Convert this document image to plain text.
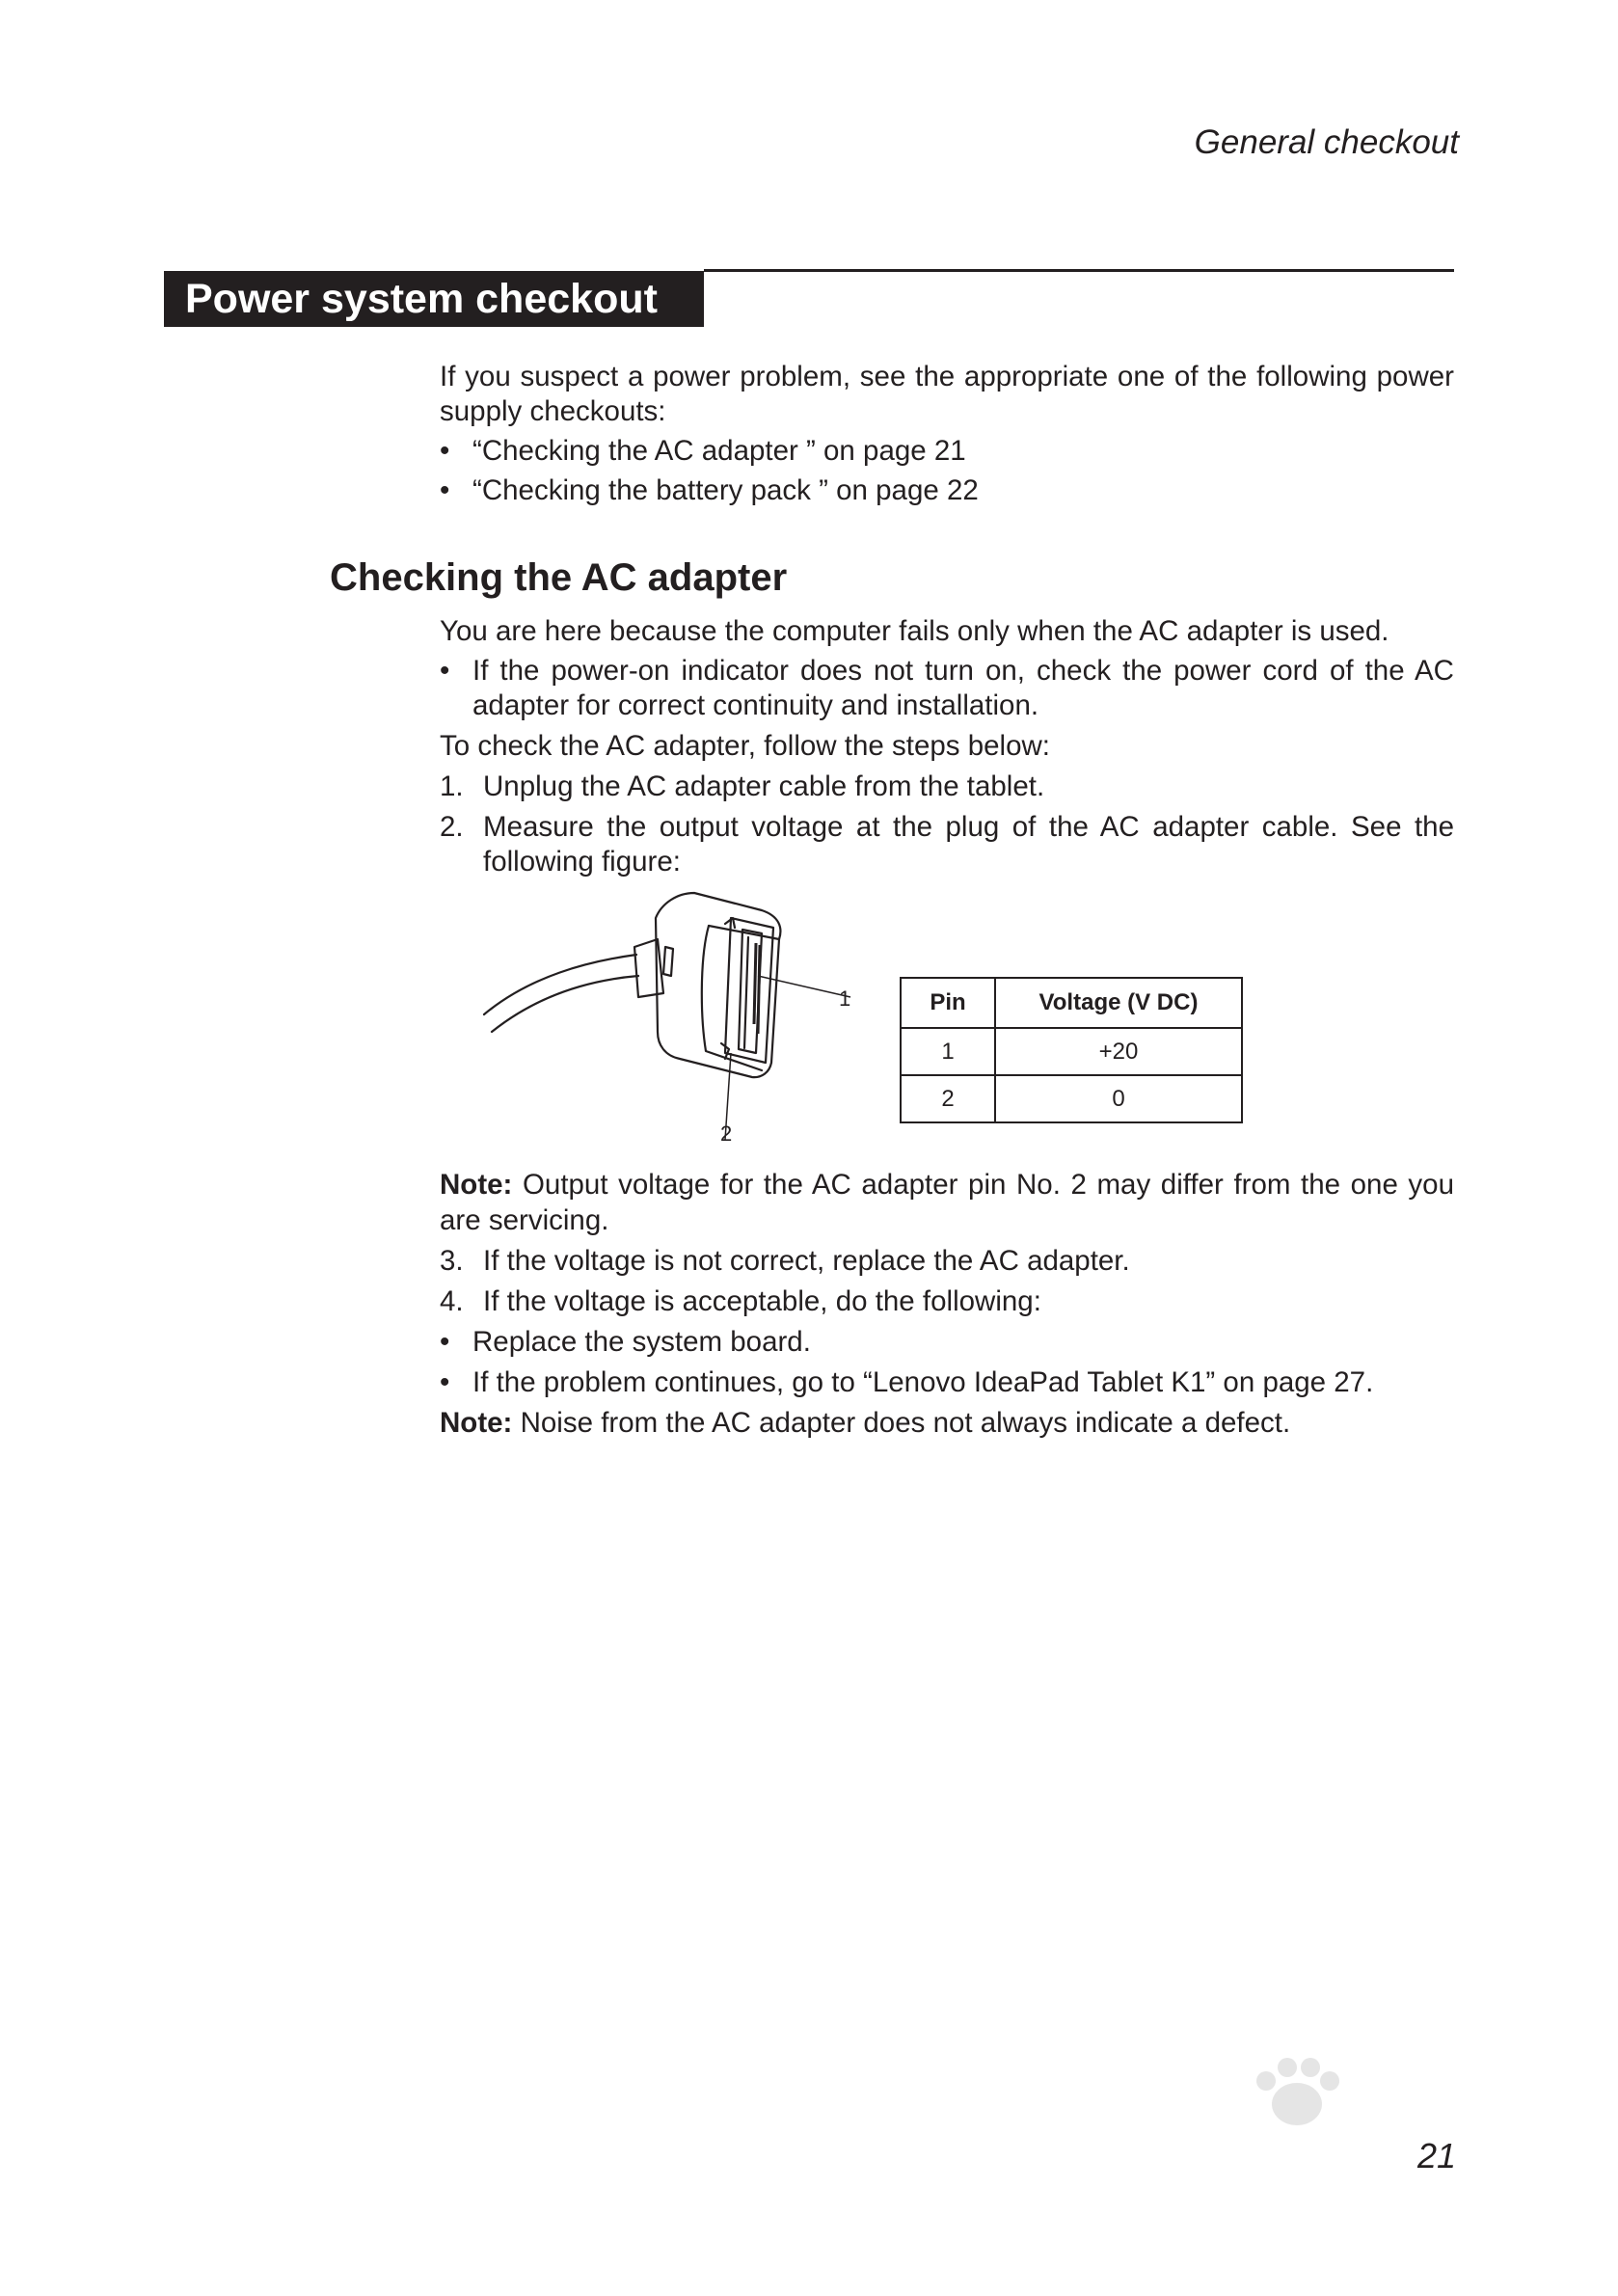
General checkout
Power system checkout
If you suspect a power problem, see the appropriate one of the following power
supply checkouts:
• “Checking the AC adapter ” on page 21
• “Checking the battery pack ” on page 22
Checking the AC adapter
You are here because the computer fails only when the AC adapter is used.
• If the power-on indicator does not turn on, check the power cord of the AC
adapter for correct continuity and installation.
To check the AC adapter, follow the steps below:
1. Unplug the AC adapter cable from the tablet.
2. Measure the output voltage at the plug of the AC adapter cable. See the
following figure:
1
2
Pin	Voltage (V DC)
1	+20
2	0
Note: Output voltage for the AC adapter pin No. 2 may differ from the one you
are servicing.
3. If the voltage is not correct, replace the AC adapter.
4. If the voltage is acceptable, do the following:
• Replace the system board.
• If the problem continues, go to “Lenovo IdeaPad Tablet K1” on page 27.
Note: Noise from the AC adapter does not always indicate a defect.
21
